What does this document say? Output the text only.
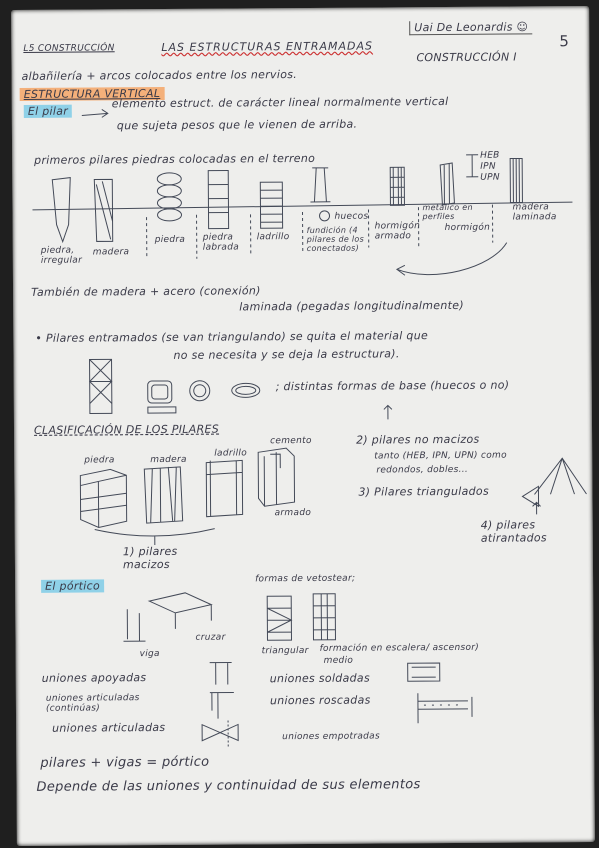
Uai De Leonardis ☺
L5 CONSTRUCCIÓN	LAS ESTRUCTURAS ENTRAMADAS
CONSTRUCCIÓN I
5
albañilería + arcos colocados entre los nervios.
ESTRUCTURA VERTICAL
El pilar
elemento estruct. de carácter lineal normalmente vertical
que sujeta pesos que le vienen de arriba.
primeros pilares piedras colocadas en el terreno	HEB
IPN
UPN
piedra, irregular
madera
piedra piedra labrada
ladrillo
huecos
fundición (4 pilares de los conectados)
hormigón armado
metálico en perfiles
hormigón
madera laminada
También de madera + acero (conexión)
laminada (pegadas longitudinalmente)
• Pilares entramados (se van triangulando) se quita el material que
no se necesita y se deja la estructura).
; distintas formas de base (huecos o no)
CLASIFICACIÓN DE LOS PILARES
piedra	madera
ladrillo
cemento
armado
1) pilares macizos
2) pilares no macizos
tanto (HEB, IPN, UPN) como
redondos, dobles...
3) Pilares triangulados
4) pilares atirantados
El pórtico
formas de vetostear;
viga
cruzar
triangular formación en escalera/ ascensor)
medio
uniones apoyadas
uniones articuladas (continúas)
uniones articuladas
uniones soldadas
uniones roscadas
uniones empotradas
pilares + vigas = pórtico
Depende de las uniones y continuidad de sus elementos
